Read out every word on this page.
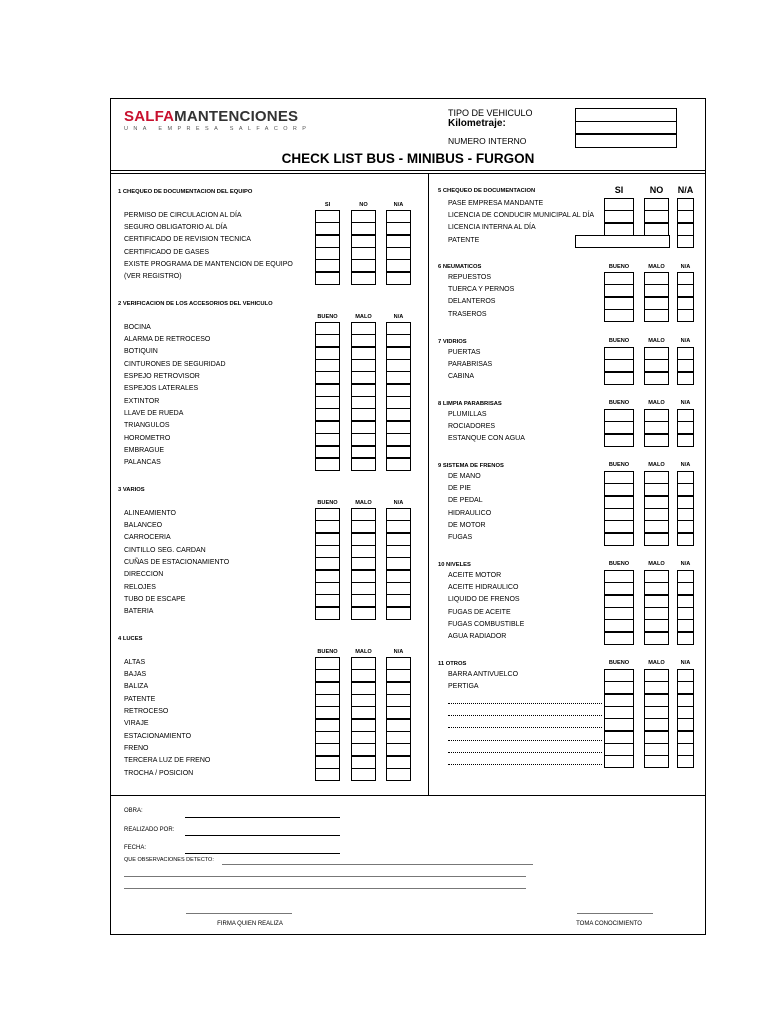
SALFAMANTENCIONES
UNA EMPRESA SALFACORP
TIPO DE VEHICULO
Kilometraje:
NUMERO INTERNO
CHECK LIST BUS - MINIBUS - FURGON
OBRA:
REALIZADO POR:
FECHA:
QUE OBSERVACIONES DETECTO:
FIRMA QUIEN REALIZA	TOMA CONOCIMIENTO
1 CHEQUEO DE DOCUMENTACION DEL EQUIPO
SI	NO	N/A
PERMISO DE CIRCULACION AL DÍA
SEGURO OBLIGATORIO AL DÍA
CERTIFICADO DE REVISION TECNICA
CERTIFICADO DE GASES
EXISTE PROGRAMA DE MANTENCION DE EQUIPO
(VER REGISTRO)
2 VERIFICACION DE LOS ACCESORIOS DEL VEHICULO
BUENO	MALO	N/A
BOCINA
ALARMA DE RETROCESO
BOTIQUIN
CINTURONES DE SEGURIDAD
ESPEJO RETROVISOR
ESPEJOS LATERALES
EXTINTOR
LLAVE DE RUEDA
TRIANGULOS
HOROMETRO
EMBRAGUE
PALANCAS
3 VARIOS
BUENO	MALO	N/A
ALINEAMIENTO
BALANCEO
CARROCERIA
CINTILLO SEG. CARDAN
CUÑAS DE ESTACIONAMIENTO
DIRECCION
RELOJES
TUBO DE ESCAPE
BATERIA
4 LUCES
BUENO	MALO	N/A
ALTAS
BAJAS
BALIZA
PATENTE
RETROCESO
VIRAJE
ESTACIONAMIENTO
FRENO
TERCERA LUZ DE FRENO
TROCHA / POSICION
5 CHEQUEO DE DOCUMENTACION	SI	NO	N/A
PASE EMPRESA MANDANTE
LICENCIA DE CONDUCIR MUNICIPAL AL DÍA
LICENCIA INTERNA AL DÍA
PATENTE
6 NEUMATICOS	BUENO	MALO	N/A
REPUESTOS
TUERCA Y PERNOS
DELANTEROS
TRASEROS
7 VIDRIOS	BUENO	MALO	N/A
PUERTAS
PARABRISAS
CABINA
8 LIMPIA PARABRISAS	BUENO	MALO	N/A
PLUMILLAS
ROCIADORES
ESTANQUE CON AGUA
9 SISTEMA DE FRENOS	BUENO	MALO	N/A
DE MANO
DE PIE
DE PEDAL
HIDRAULICO
DE MOTOR
FUGAS
10 NIVELES	BUENO	MALO	N/A
ACEITE MOTOR
ACEITE HIDRAULICO
LIQUIDO DE FRENOS
FUGAS DE ACEITE
FUGAS COMBUSTIBLE
AGUA RADIADOR
11 OTROS	BUENO	MALO	N/A
BARRA ANTIVUELCO
PERTIGA
